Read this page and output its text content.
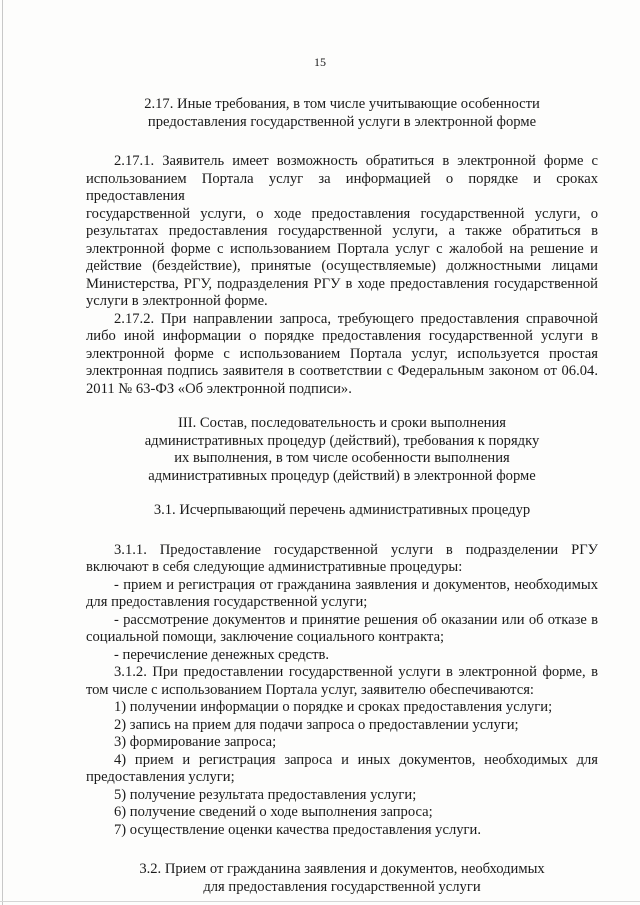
15
2.17. Иные требования, в том числе учитывающие особенности
предоставления государственной услуги в электронной форме
2.17.1. Заявитель имеет возможность обратиться в электронной форме с
использованием Портала услуг за информацией о порядке и сроках предоставления
государственной услуги, о ходе предоставления государственной услуги, о
результатах предоставления государственной услуги, а также обратиться в
электронной форме с использованием Портала услуг с жалобой на решение и
действие (бездействие), принятые (осуществляемые) должностными лицами
Министерства, РГУ, подразделения РГУ в ходе предоставления государственной
услуги в электронной форме.
2.17.2. При направлении запроса, требующего предоставления справочной
либо иной информации о порядке предоставления государственной услуги в
электронной форме с использованием Портала услуг, используется простая
электронная подпись заявителя в соответствии с Федеральным законом от 06.04.
2011 № 63-ФЗ «Об электронной подписи».
III. Состав, последовательность и сроки выполнения
административных процедур (действий), требования к порядку
их выполнения, в том числе особенности выполнения
административных процедур (действий) в электронной форме
3.1. Исчерпывающий перечень административных процедур
3.1.1. Предоставление государственной услуги в подразделении РГУ
включают в себя следующие административные процедуры:
- прием и регистрация от гражданина заявления и документов, необходимых
для предоставления государственной услуги;
- рассмотрение документов и принятие решения об оказании или об отказе в
социальной помощи, заключение социального контракта;
- перечисление денежных средств.
3.1.2. При предоставлении государственной услуги в электронной форме, в
том числе с использованием Портала услуг, заявителю обеспечиваются:
1) получении информации о порядке и сроках предоставления услуги;
2) запись на прием для подачи запроса о предоставлении услуги;
3) формирование запроса;
4) прием и регистрация запроса и иных документов, необходимых для
предоставления услуги;
5) получение результата предоставления услуги;
6) получение сведений о ходе выполнения запроса;
7) осуществление оценки качества предоставления услуги.
3.2. Прием от гражданина заявления и документов, необходимых
для предоставления государственной услуги
